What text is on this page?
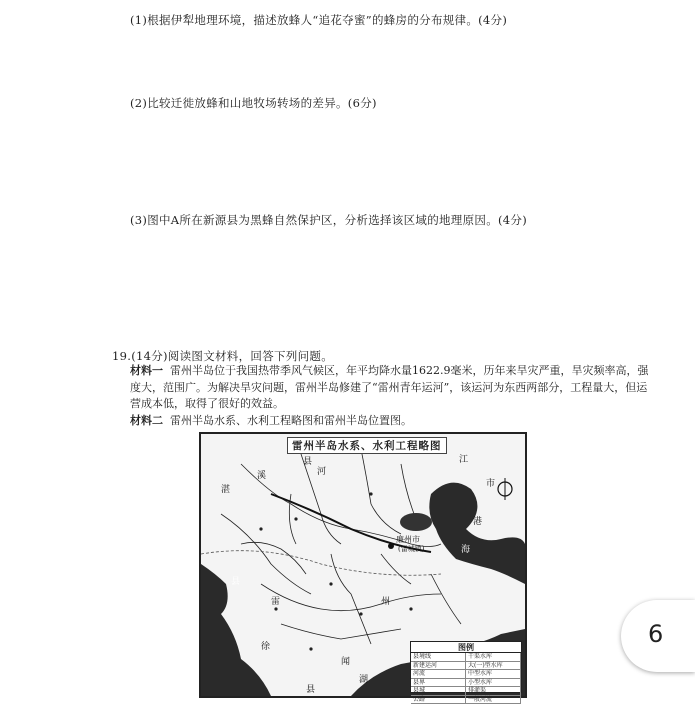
(1)根据伊犁地理环境，描述放蜂人“追花夺蜜”的蜂房的分布规律。(4分)
(2)比较迁徙放蜂和山地牧场转场的差异。(6分)
(3)图中A所在新源县为黑蜂自然保护区，分析选择该区域的地理原因。(4分)
19.(14分)阅读图文材料，回答下列问题。
材料一 雷州半岛位于我国热带季风气候区，年平均降水量1622.9毫米，历年来旱灾严重，旱灾频率高，强度大，范围广。为解决旱灾问题，雷州半岛修建了“雷州青年运河”，该运河为东西两部分，工程量大，但运营成本低，取得了很好的效益。
材料二 雷州半岛水系、水利工程略图和雷州半岛位置图。
雷州半岛水系、水利工程略图
县
河
湛
溪
江
市
港
廉州市
(雷城镇)	海
县
雷	州
徐
闻
县
湖
图例
县境线	干渠水库
新建运河	大(一)型水库
河流	中型水库
县界	小型水库
县城	排灌渠
公路	一般河流
6
